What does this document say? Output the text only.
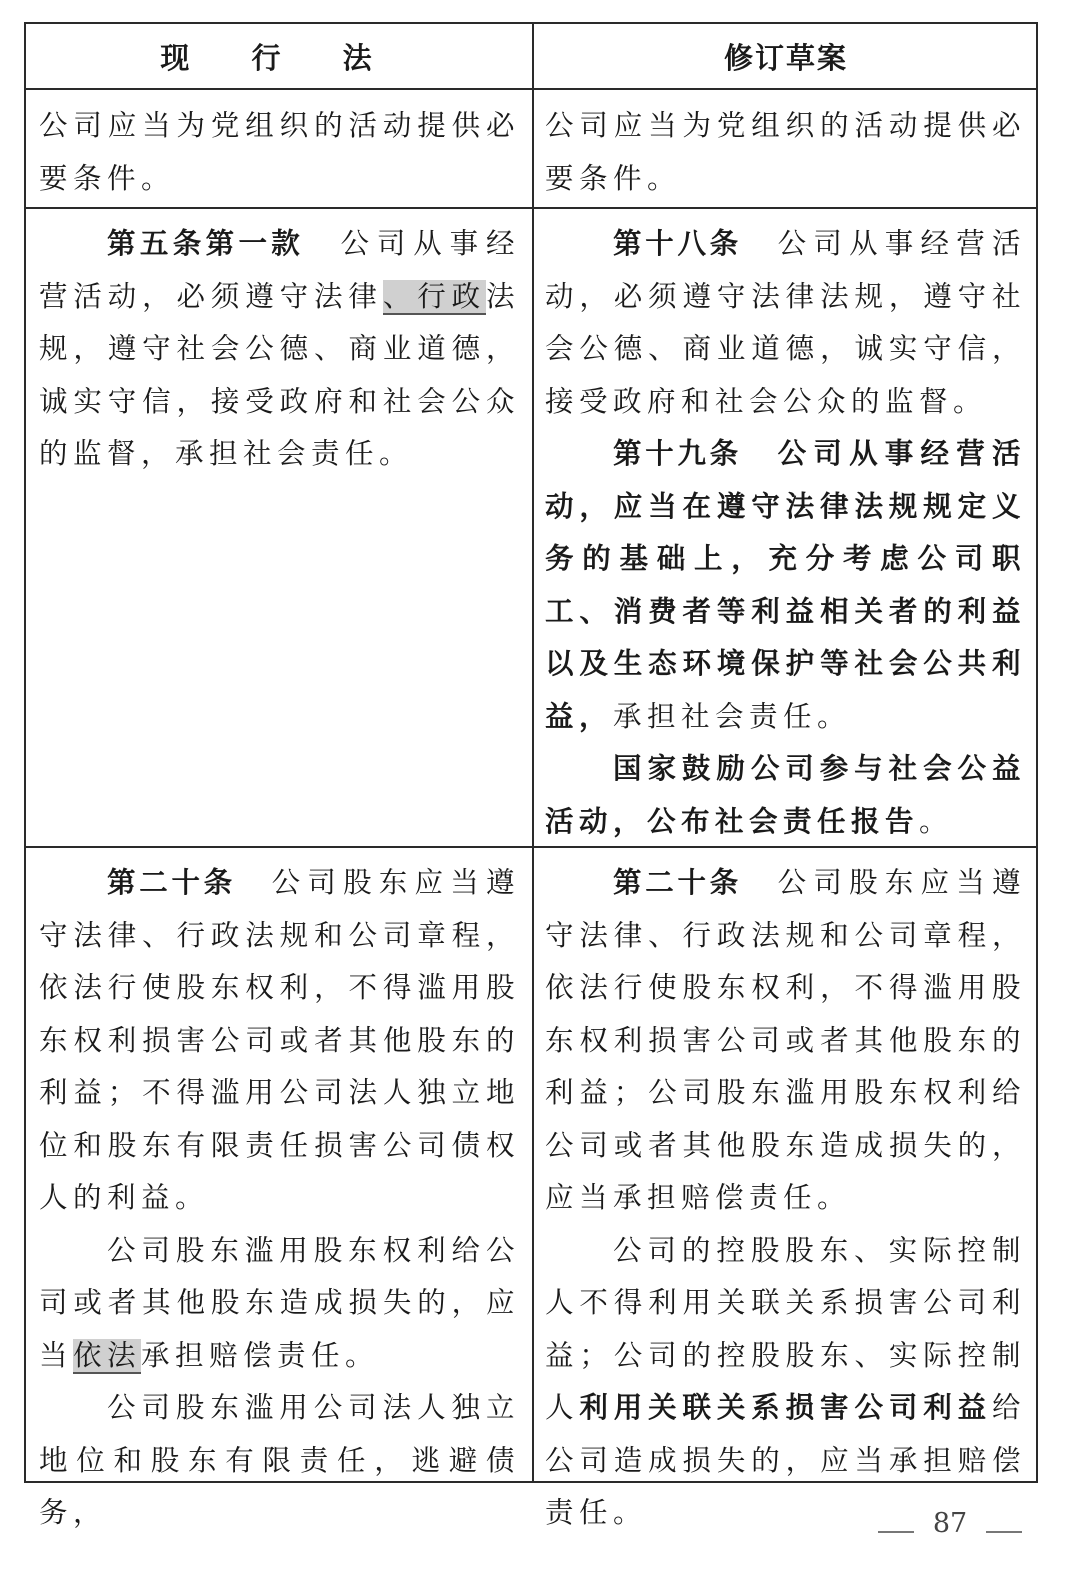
现 行 法	修订草案

公司应当为党组织的活动提供必要条件。

公司应当为党组织的活动提供必要条件。

第五条第一款　 公司从事经营活动，必须遵守法律、行政法规，遵守社会公德、商业道德，诚实守信，接受政府和社会公众的监督，承担社会责任。

第十八条　 公司从事经营活动，必须遵守法律法规，遵守社会公德、商业道德，诚实守信，接受政府和社会公众的监督。

第十九条　 公司从事经营活动，应当在遵守法律法规规定义务的基础上，充分考虑公司职工、消费者等利益相关者的利益以及生态环境保护等社会公共利益，承担社会责任。

国家鼓励公司参与社会公益活动，公布社会责任报告。

第二十条　 公司股东应当遵守法律、行政法规和公司章程，依法行使股东权利，不得滥用股东权利损害公司或者其他股东的利益；不得滥用公司法人独立地位和股东有限责任损害公司债权人的利益。

公司股东滥用股东权利给公司或者其他股东造成损失的，应当依法承担赔偿责任。

公司股东滥用公司法人独立地位和股东有限责任，逃避债务，

第二十条　 公司股东应当遵守法律、行政法规和公司章程，依法行使股东权利，不得滥用股东权利损害公司或者其他股东的利益；公司股东滥用股东权利给公司或者其他股东造成损失的，应当承担赔偿责任。

公司的控股股东、实际控制人不得利用关联关系损害公司利益；公司的控股股东、实际控制人利用关联关系损害公司利益给公司造成损失的，应当承担赔偿责任。	87
